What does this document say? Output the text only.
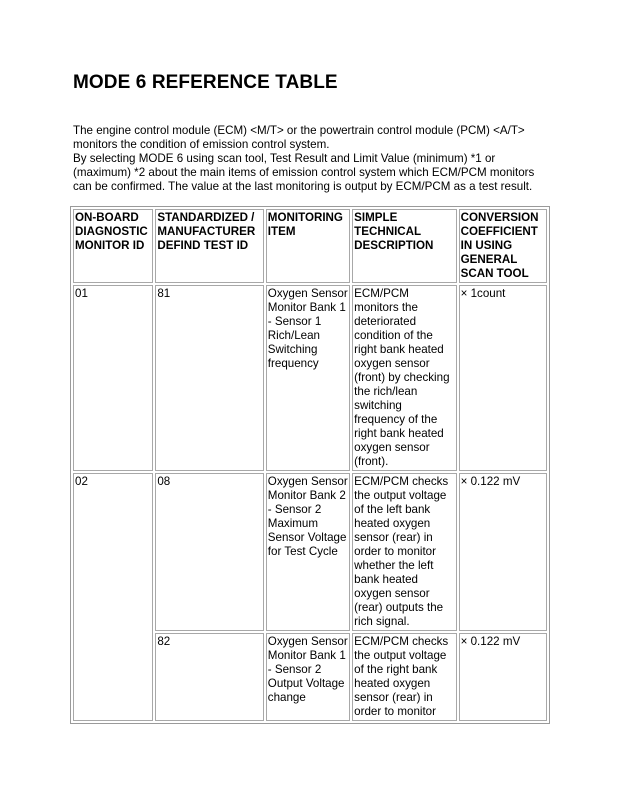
MODE 6 REFERENCE TABLE

The engine control module (ECM) <M/T> or the powertrain control module (PCM) <A/T> monitors the condition of emission control system.

By selecting MODE 6 using scan tool, Test Result and Limit Value (minimum) *1 or (maximum) *2 about the main items of emission control system which ECM/PCM monitors can be confirmed. The value at the last monitoring is output by ECM/PCM as a test result.

ON-BOARD DIAGNOSTIC MONITOR ID	STANDARDIZED / MANUFACTURER DEFIND TEST ID	MONITORING ITEM	SIMPLE TECHNICAL DESCRIPTION	CONVERSION COEFFICIENT IN USING GENERAL SCAN TOOL
01	81	Oxygen Sensor Monitor Bank 1 - Sensor 1 Rich/Lean Switching frequency	ECM/PCM monitors the deteriorated condition of the right bank heated oxygen sensor (front) by checking the rich/lean switching frequency of the right bank heated oxygen sensor (front).	× 1count
02	08	Oxygen Sensor Monitor Bank 2 - Sensor 2 Maximum Sensor Voltage for Test Cycle	ECM/PCM checks the output voltage of the left bank heated oxygen sensor (rear) in order to monitor whether the left bank heated oxygen sensor (rear) outputs the rich signal.	× 0.122 mV
	82	Oxygen Sensor Monitor Bank 1 - Sensor 2 Output Voltage change	ECM/PCM checks the output voltage of the right bank heated oxygen sensor (rear) in order to monitor	× 0.122 mV
